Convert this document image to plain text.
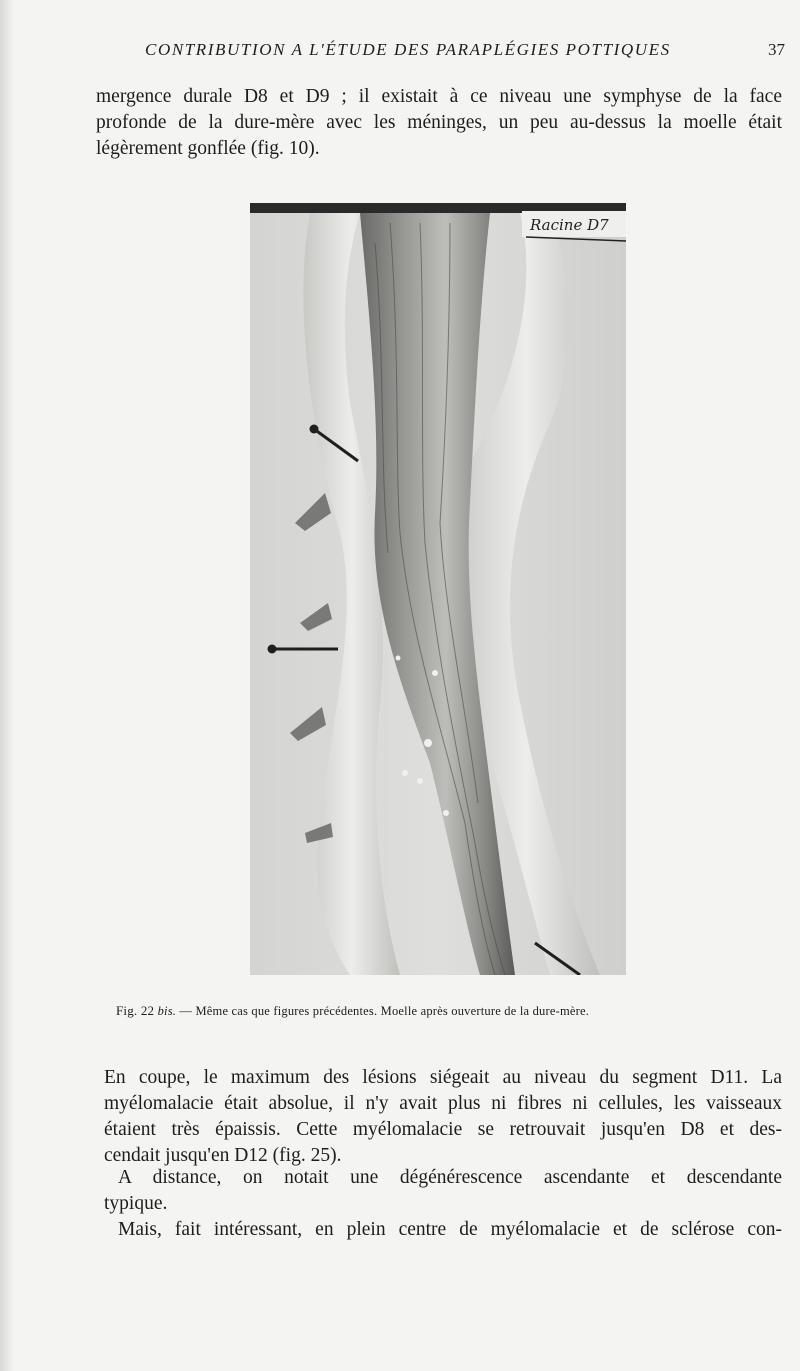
CONTRIBUTION A L'ÉTUDE DES PARAPLÉGIES POTTIQUES	37
mergence durale D8 et D9 ; il existait à ce niveau une symphyse de la face
profonde de la dure-mère avec les méninges, un peu au-dessus la moelle était
légèrement gonflée (fig. 10).
Racine D7
Fig. 22 bis. — Même cas que figures précédentes. Moelle après ouverture de la dure-mère.
En coupe, le maximum des lésions siégeait au niveau du segment D11. La
myélomalacie était absolue, il n'y avait plus ni fibres ni cellules, les vaisseaux
étaient très épaissis. Cette myélomalacie se retrouvait jusqu'en D8 et des-
cendait jusqu'en D12 (fig. 25).
A distance, on notait une dégénérescence ascendante et descendante
typique.
Mais, fait intéressant, en plein centre de myélomalacie et de sclérose con-
